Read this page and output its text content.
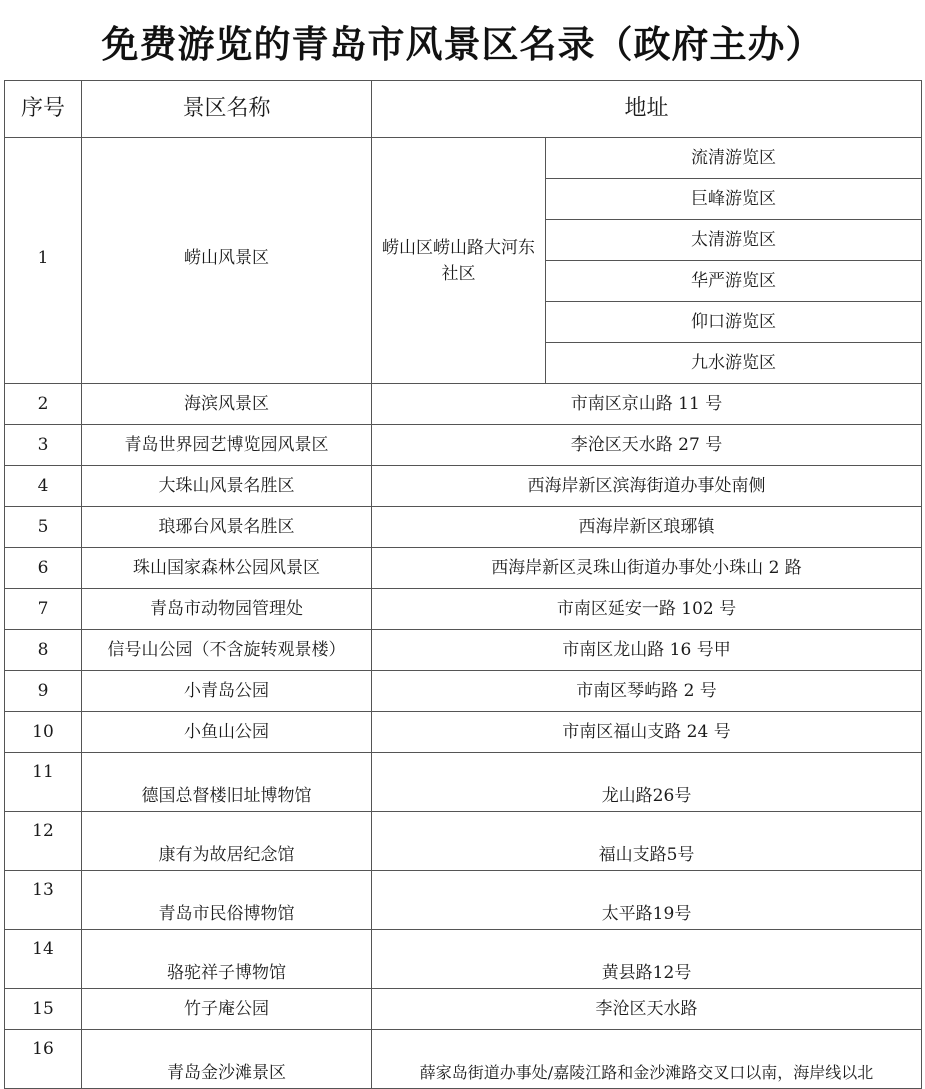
免费游览的青岛市风景区名录（政府主办）
序号	景区名称	地址	
1	崂山风景区	崂山区崂山路大河东社区	流清游览区
			巨峰游览区
			太清游览区
			华严游览区
			仰口游览区
			九水游览区
2	海滨风景区	市南区京山路 11 号	
3	青岛世界园艺博览园风景区	李沧区天水路 27 号	
4	大珠山风景名胜区	西海岸新区滨海街道办事处南侧	
5	琅琊台风景名胜区	西海岸新区琅琊镇	
6	珠山国家森林公园风景区	西海岸新区灵珠山街道办事处小珠山 2 路	
7	青岛市动物园管理处	市南区延安一路 102 号	
8	信号山公园（不含旋转观景楼）	市南区龙山路 16 号甲	
9	小青岛公园	市南区琴屿路 2 号	
10	小鱼山公园	市南区福山支路 24 号	
11	德国总督楼旧址博物馆	龙山路26号	
12	康有为故居纪念馆	福山支路5号	
13	青岛市民俗博物馆	太平路19号	
14	骆驼祥子博物馆	黄县路12号	
15	竹子庵公园	李沧区天水路	
16	青岛金沙滩景区	薛家岛街道办事处/嘉陵江路和金沙滩路交叉口以南，海岸线以北	
